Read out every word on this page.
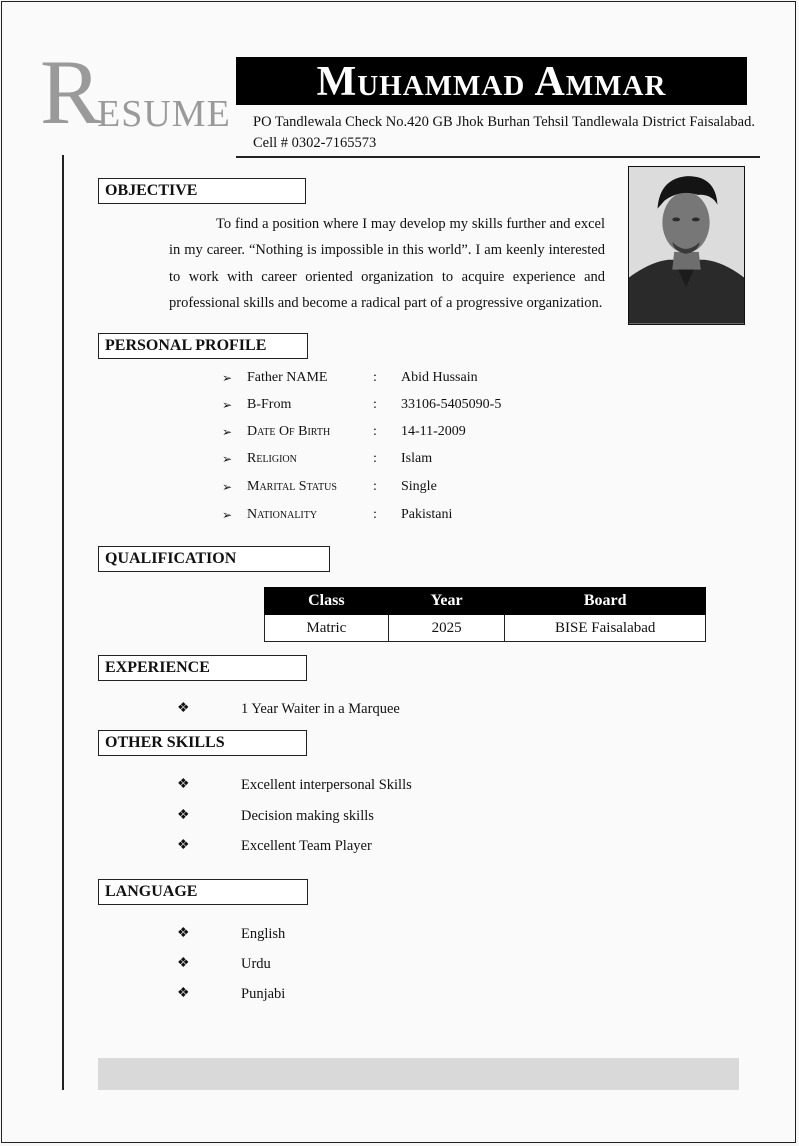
R
ESUME
Muhammad Ammar
PO Tandlewala Check No.420 GB Jhok Burhan Tehsil Tandlewala District Faisalabad.
Cell # 0302-7165573
OBJECTIVE
To find a position where I may develop my skills further and excel in my career. “Nothing is impossible in this world”. I am keenly interested to work with career oriented organization to acquire experience and professional skills and become a radical part of a progressive organization.
PERSONAL PROFILE
➢ Father NAME	: Abid Hussain
➢ B-From	: 33106-5405090-5
➢ Date Of Birth	: 14-11-2009
➢ Religion	: Islam
➢ Marital Status	: Single
➢ Nationality	: Pakistani
QUALIFICATION
Class	Year	Board
Matric	2025	BISE Faisalabad
EXPERIENCE
❖	1 Year Waiter in a Marquee
OTHER SKILLS
❖	Excellent interpersonal Skills
❖	Decision making skills
❖	Excellent Team Player
LANGUAGE
❖	English
❖	Urdu
❖	Punjabi
